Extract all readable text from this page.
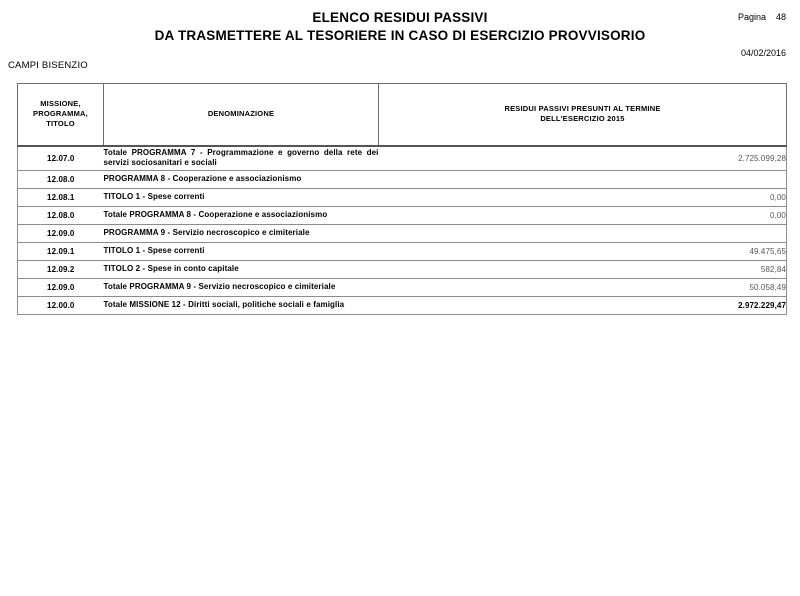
ELENCO RESIDUI PASSIVI
DA TRASMETTERE AL TESORIERE IN CASO DI ESERCIZIO PROVVISORIO
Pagina 48
04/02/2016
CAMPI BISENZIO
MISSIONE,
PROGRAMMA,
TITOLO	DENOMINAZIONE	RESIDUI PASSIVI PRESUNTI AL TERMINE
DELL'ESERCIZIO 2015
12.07.0	Totale PROGRAMMA 7 - Programmazione e governo della rete dei servizi sociosanitari e sociali	2.725.099,28
12.08.0	PROGRAMMA 8 - Cooperazione e associazionismo	
12.08.1	TITOLO 1 - Spese correnti	0,00
12.08.0	Totale PROGRAMMA 8 - Cooperazione e associazionismo	0,00
12.09.0	PROGRAMMA 9 - Servizio necroscopico e cimiteriale	
12.09.1	TITOLO 1 - Spese correnti	49.475,65
12.09.2	TITOLO 2 - Spese in conto capitale	582,84
12.09.0	Totale PROGRAMMA 9 - Servizio necroscopico e cimiteriale	50.058,49
12.00.0	Totale MISSIONE 12 - Diritti sociali, politiche sociali e famiglia	2.972.229,47
